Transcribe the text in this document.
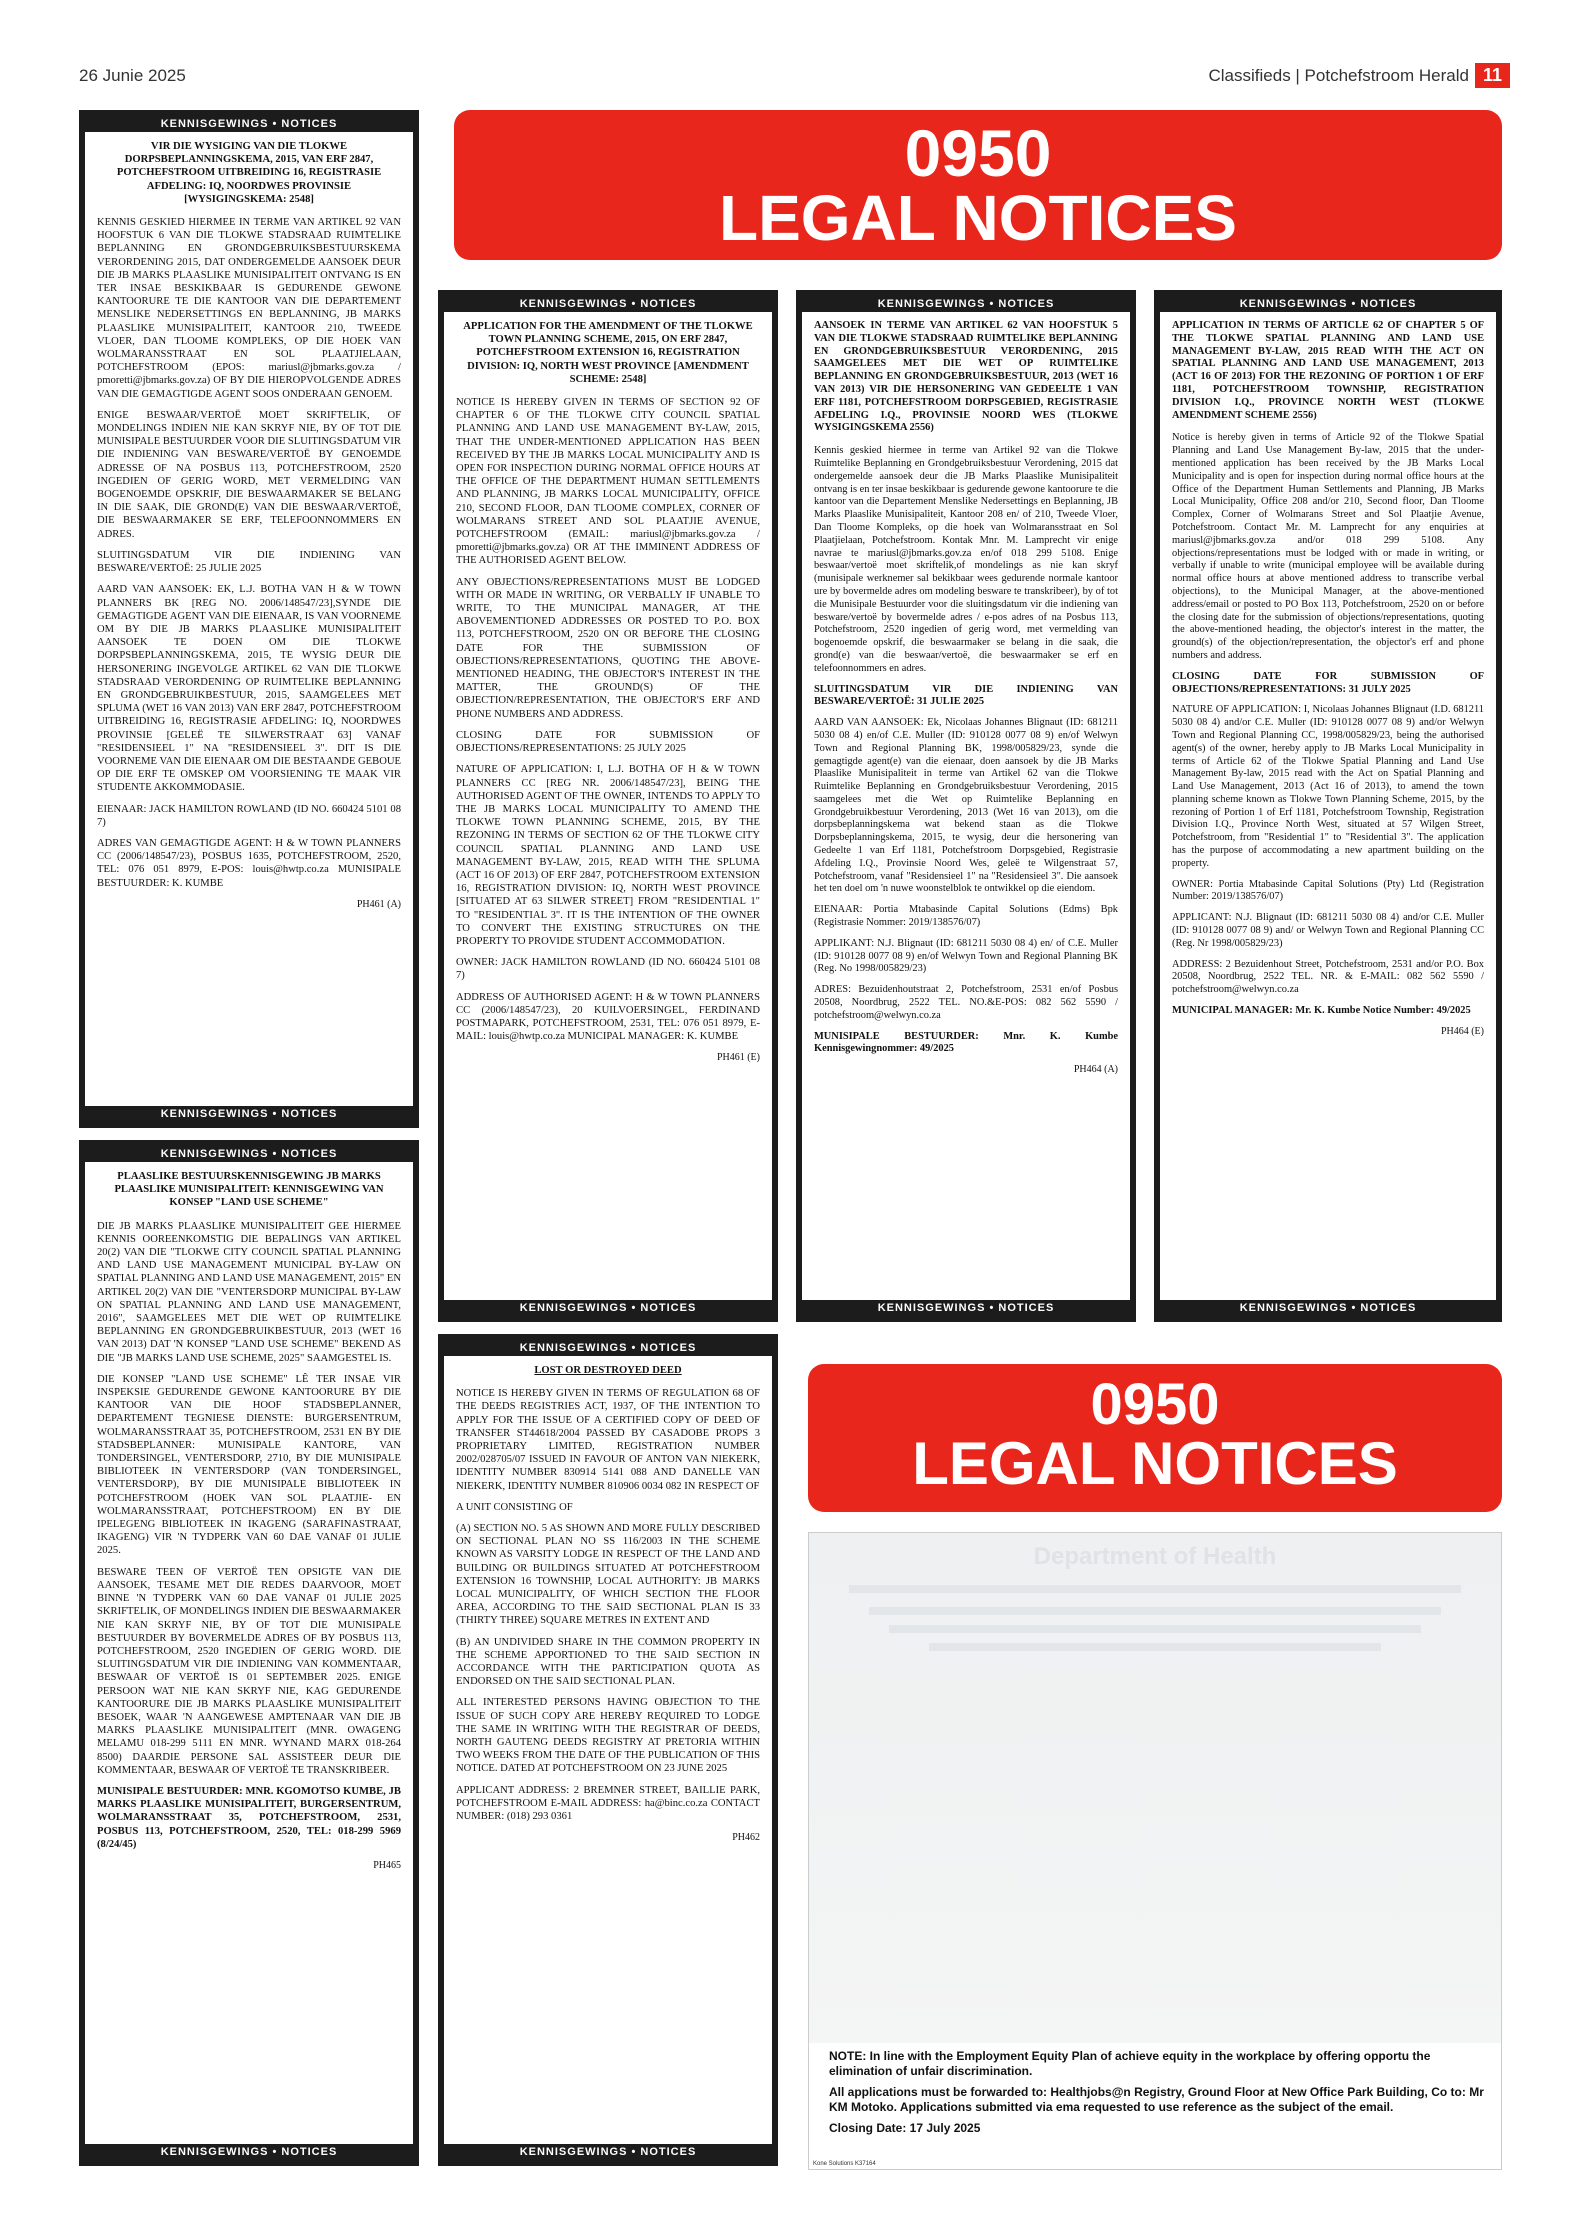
26 Junie 2025	Classifieds | Potchefstroom Herald 11
KENNISGEWINGS • NOTICES
VIR DIE WYSIGING VAN DIE TLOKWE DORPSBEPLANNINGSKEMA, 2015, VAN ERF 2847, POTCHEFSTROOM UITBREIDING 16, REGISTRASIE AFDELING: IQ, NOORDWES PROVINSIE [WYSIGINGSKEMA: 2548]

KENNIS GESKIED HIERMEE IN TERME VAN ARTIKEL 92 VAN HOOFSTUK 6 VAN DIE TLOKWE STADSRAAD RUIMTELIKE BEPLANNING EN GRONDGEBRUIKSBESTUURSKEMA VERORDENING 2015, DAT ONDERGEMELDE AANSOEK DEUR DIE JB MARKS PLAASLIKE MUNISIPALITEIT ONTVANG IS EN TER INSAE BESKIKBAAR IS GEDURENDE GEWONE KANTOORURE TE DIE KANTOOR VAN DIE DEPARTEMENT MENSLIKE NEDERSETTINGS EN BEPLANNING, JB MARKS PLAASLIKE MUNISIPALITEIT, KANTOOR 210, TWEEDE VLOER, DAN TLOOME KOMPLEKS, OP DIE HOEK VAN WOLMARANSSTRAAT EN SOL PLAATJIELAAN, POTCHEFSTROOM (EPOS: mariusl@jbmarks.gov.za / pmoretti@jbmarks.gov.za) OF BY DIE HIEROPVOLGENDE ADRES VAN DIE GEMAGTIGDE AGENT SOOS ONDERAAN GENOEM.

ENIGE BESWAAR/VERTOË MOET SKRIFTELIK, OF MONDELINGS INDIEN NIE KAN SKRYF NIE, BY OF TOT DIE MUNISIPALE BESTUURDER VOOR DIE SLUITINGSDATUM VIR DIE INDIENING VAN BESWARE/VERTOË BY GENOEMDE ADRESSE OF NA POSBUS 113, POTCHEFSTROOM, 2520 INGEDIEN OF GERIG WORD, MET VERMELDING VAN BOGENOEMDE OPSKRIF, DIE BESWAARMAKER SE BELANG IN DIE SAAK, DIE GROND(E) VAN DIE BESWAAR/VERTOË, DIE BESWAARMAKER SE ERF, TELEFOONNOMMERS EN ADRES.

SLUITINGSDATUM VIR DIE INDIENING VAN BESWARE/VERTOË: 25 JULIE 2025

AARD VAN AANSOEK: EK, L.J. BOTHA VAN H & W TOWN PLANNERS BK [REG NO. 2006/148547/23],SYNDE DIE GEMAGTIGDE AGENT VAN DIE EIENAAR, IS VAN VOORNEME OM BY DIE JB MARKS PLAASLIKE MUNISIPALITEIT AANSOEK TE DOEN OM DIE TLOKWE DORPSBEPLANNINGSKEMA, 2015, TE WYSIG DEUR DIE HERSONERING INGEVOLGE ARTIKEL 62 VAN DIE TLOKWE STADSRAAD VERORDENING OP RUIMTELIKE BEPLANNING EN GRONDGEBRUIKBESTUUR, 2015, SAAMGELEES MET SPLUMA (WET 16 VAN 2013) VAN ERF 2847, POTCHEFSTROOM UITBREIDING 16, REGISTRASIE AFDELING: IQ, NOORDWES PROVINSIE [GELEË TE SILWERSTRAAT 63] VANAF "RESIDENSIEEL 1" NA "RESIDENSIEEL 3". DIT IS DIE VOORNEME VAN DIE EIENAAR OM DIE BESTAANDE GEBOUE OP DIE ERF TE OMSKEP OM VOORSIENING TE MAAK VIR STUDENTE AKKOMMODASIE.

EIENAAR: JACK HAMILTON ROWLAND (ID NO. 660424 5101 08 7)

ADRES VAN GEMAGTIGDE AGENT: H & W TOWN PLANNERS CC (2006/148547/23), POSBUS 1635, POTCHEFSTROOM, 2520, TEL: 076 051 8979, E-POS: louis@hwtp.co.za MUNISIPALE BESTUURDER: K. KUMBE

PH461 (A)
KENNISGEWINGS • NOTICES
KENNISGEWINGS • NOTICES
PLAASLIKE BESTUURSKENNISGEWING JB MARKS PLAASLIKE MUNISIPALITEIT: KENNISGEWING VAN KONSEP "LAND USE SCHEME"

DIE JB MARKS PLAASLIKE MUNISIPALITEIT GEE HIERMEE KENNIS OOREENKOMSTIG DIE BEPALINGS VAN ARTIKEL 20(2) VAN DIE "TLOKWE CITY COUNCIL SPATIAL PLANNING AND LAND USE MANAGEMENT MUNICIPAL BY-LAW ON SPATIAL PLANNING AND LAND USE MANAGEMENT, 2015" EN ARTIKEL 20(2) VAN DIE "VENTERSDORP MUNICIPAL BY-LAW ON SPATIAL PLANNING AND LAND USE MANAGEMENT, 2016", SAAMGELEES MET DIE WET OP RUIMTELIKE BEPLANNING EN GRONDGEBRUIKBESTUUR, 2013 (WET 16 VAN 2013) DAT 'N KONSEP "LAND USE SCHEME" BEKEND AS DIE "JB MARKS LAND USE SCHEME, 2025" SAAMGESTEL IS.

DIE KONSEP "LAND USE SCHEME" LÊ TER INSAE VIR INSPEKSIE GEDURENDE GEWONE KANTOORURE BY DIE KANTOOR VAN DIE HOOF STADSBEPLANNER, DEPARTEMENT TEGNIESE DIENSTE: BURGERSENTRUM, WOLMARANSSTRAAT 35, POTCHEFSTROOM, 2531 EN BY DIE STADSBEPLANNER: MUNISIPALE KANTORE, VAN TONDERSINGEL, VENTERSDORP, 2710, BY DIE MUNISIPALE BIBLIOTEEK IN VENTERSDORP (VAN TONDERSINGEL, VENTERSDORP), BY DIE MUNISIPALE BIBLIOTEEK IN POTCHEFSTROOM (HOEK VAN SOL PLAATJIE- EN WOLMARANSSTRAAT, POTCHEFSTROOM) EN BY DIE IPELEGENG BIBLIOTEEK IN IKAGENG (SARAFINASTRAAT, IKAGENG) VIR 'N TYDPERK VAN 60 DAE VANAF 01 JULIE 2025.

BESWARE TEEN OF VERTOË TEN OPSIGTE VAN DIE AANSOEK, TESAME MET DIE REDES DAARVOOR, MOET BINNE 'N TYDPERK VAN 60 DAE VANAF 01 JULIE 2025 SKRIFTELIK, OF MONDELINGS INDIEN DIE BESWAARMAKER NIE KAN SKRYF NIE, BY OF TOT DIE MUNISIPALE BESTUURDER BY BOVERMELDE ADRES OF BY POSBUS 113, POTCHEFSTROOM, 2520 INGEDIEN OF GERIG WORD. DIE SLUITINGSDATUM VIR DIE INDIENING VAN KOMMENTAAR, BESWAAR OF VERTOË IS 01 SEPTEMBER 2025. ENIGE PERSOON WAT NIE KAN SKRYF NIE, KAG GEDURENDE KANTOORURE DIE JB MARKS PLAASLIKE MUNISIPALITEIT BESOEK, WAAR 'N AANGEWESE AMPTENAAR VAN DIE JB MARKS PLAASLIKE MUNISIPALITEIT (MNR. OWAGENG MELAMU 018-299 5111 EN MNR. WYNAND MARX 018-264 8500) DAARDIE PERSONE SAL ASSISTEER DEUR DIE KOMMENTAAR, BESWAAR OF VERTOË TE TRANSKRIBEER.

MUNISIPALE BESTUURDER: MNR. KGOMOTSO KUMBE, JB MARKS PLAASLIKE MUNISIPALITEIT, BURGERSENTRUM, WOLMARANSSTRAAT 35, POTCHEFSTROOM, 2531, POSBUS 113, POTCHEFSTROOM, 2520, TEL: 018-299 5969 (8/24/45)

PH465
KENNISGEWINGS • NOTICES
0950
LEGAL NOTICES
KENNISGEWINGS • NOTICES
APPLICATION FOR THE AMENDMENT OF THE TLOKWE TOWN PLANNING SCHEME, 2015, ON ERF 2847, POTCHEFSTROOM EXTENSION 16, REGISTRATION DIVISION: IQ, NORTH WEST PROVINCE [AMENDMENT SCHEME: 2548]

NOTICE IS HEREBY GIVEN IN TERMS OF SECTION 92 OF CHAPTER 6 OF THE TLOKWE CITY COUNCIL SPATIAL PLANNING AND LAND USE MANAGEMENT BY-LAW, 2015, THAT THE UNDER-MENTIONED APPLICATION HAS BEEN RECEIVED BY THE JB MARKS LOCAL MUNICIPALITY AND IS OPEN FOR INSPECTION DURING NORMAL OFFICE HOURS AT THE OFFICE OF THE DEPARTMENT HUMAN SETTLEMENTS AND PLANNING, JB MARKS LOCAL MUNICIPALITY, OFFICE 210, SECOND FLOOR, DAN TLOOME COMPLEX, CORNER OF WOLMARANS STREET AND SOL PLAATJIE AVENUE, POTCHEFSTROOM (EMAIL: mariusl@jbmarks.gov.za / pmoretti@jbmarks.gov.za) OR AT THE IMMINENT ADDRESS OF THE AUTHORISED AGENT BELOW.

ANY OBJECTIONS/REPRESENTATIONS MUST BE LODGED WITH OR MADE IN WRITING, OR VERBALLY IF UNABLE TO WRITE, TO THE MUNICIPAL MANAGER, AT THE ABOVEMENTIONED ADDRESSES OR POSTED TO P.O. BOX 113, POTCHEFSTROOM, 2520 ON OR BEFORE THE CLOSING DATE FOR THE SUBMISSION OF OBJECTIONS/REPRESENTATIONS, QUOTING THE ABOVE-MENTIONED HEADING, THE OBJECTOR'S INTEREST IN THE MATTER, THE GROUND(S) OF THE OBJECTION/REPRESENTATION, THE OBJECTOR'S ERF AND PHONE NUMBERS AND ADDRESS.

CLOSING DATE FOR SUBMISSION OF OBJECTIONS/REPRESENTATIONS: 25 JULY 2025

NATURE OF APPLICATION: I, L.J. BOTHA OF H & W TOWN PLANNERS CC [REG NR. 2006/148547/23], BEING THE AUTHORISED AGENT OF THE OWNER, INTENDS TO APPLY TO THE JB MARKS LOCAL MUNICIPALITY TO AMEND THE TLOKWE TOWN PLANNING SCHEME, 2015, BY THE REZONING IN TERMS OF SECTION 62 OF THE TLOKWE CITY COUNCIL SPATIAL PLANNING AND LAND USE MANAGEMENT BY-LAW, 2015, READ WITH THE SPLUMA (ACT 16 OF 2013) OF ERF 2847, POTCHEFSTROOM EXTENSION 16, REGISTRATION DIVISION: IQ, NORTH WEST PROVINCE [SITUATED AT 63 SILWER STREET] FROM "RESIDENTIAL 1" TO "RESIDENTIAL 3". IT IS THE INTENTION OF THE OWNER TO CONVERT THE EXISTING STRUCTURES ON THE PROPERTY TO PROVIDE STUDENT ACCOMMODATION.

OWNER: JACK HAMILTON ROWLAND (ID NO. 660424 5101 08 7)

ADDRESS OF AUTHORISED AGENT: H & W TOWN PLANNERS CC (2006/148547/23), 20 KUILVOERSINGEL, FERDINAND POSTMAPARK, POTCHEFSTROOM, 2531, TEL: 076 051 8979, E-MAIL: louis@hwtp.co.za MUNICIPAL MANAGER: K. KUMBE

PH461 (E)
KENNISGEWINGS • NOTICES
KENNISGEWINGS • NOTICES
LOST OR DESTROYED DEED

NOTICE IS HEREBY GIVEN IN TERMS OF REGULATION 68 OF THE DEEDS REGISTRIES ACT, 1937, OF THE INTENTION TO APPLY FOR THE ISSUE OF A CERTIFIED COPY OF DEED OF TRANSFER ST44618/2004 PASSED BY CASADOBE PROPS 3 PROPRIETARY LIMITED, REGISTRATION NUMBER 2002/028705/07 ISSUED IN FAVOUR OF ANTON VAN NIEKERK, IDENTITY NUMBER 830914 5141 088 AND DANELLE VAN NIEKERK, IDENTITY NUMBER 810906 0034 082 IN RESPECT OF

A UNIT CONSISTING OF

(A) SECTION NO. 5 AS SHOWN AND MORE FULLY DESCRIBED ON SECTIONAL PLAN NO SS 116/2003 IN THE SCHEME KNOWN AS VARSITY LODGE IN RESPECT OF THE LAND AND BUILDING OR BUILDINGS SITUATED AT POTCHEFSTROOM EXTENSION 16 TOWNSHIP, LOCAL AUTHORITY: JB MARKS LOCAL MUNICIPALITY, OF WHICH SECTION THE FLOOR AREA, ACCORDING TO THE SAID SECTIONAL PLAN IS 33 (THIRTY THREE) SQUARE METRES IN EXTENT AND

(B) AN UNDIVIDED SHARE IN THE COMMON PROPERTY IN THE SCHEME APPORTIONED TO THE SAID SECTION IN ACCORDANCE WITH THE PARTICIPATION QUOTA AS ENDORSED ON THE SAID SECTIONAL PLAN.

ALL INTERESTED PERSONS HAVING OBJECTION TO THE ISSUE OF SUCH COPY ARE HEREBY REQUIRED TO LODGE THE SAME IN WRITING WITH THE REGISTRAR OF DEEDS, NORTH GAUTENG DEEDS REGISTRY AT PRETORIA WITHIN TWO WEEKS FROM THE DATE OF THE PUBLICATION OF THIS NOTICE. DATED AT POTCHEFSTROOM ON 23 JUNE 2025

APPLICANT ADDRESS: 2 BREMNER STREET, BAILLIE PARK, POTCHEFSTROOM E-MAIL ADDRESS: ha@binc.co.za CONTACT NUMBER: (018) 293 0361

PH462
KENNISGEWINGS • NOTICES
KENNISGEWINGS • NOTICES
AANSOEK IN TERME VAN ARTIKEL 62 VAN HOOFSTUK 5 VAN DIE TLOKWE STADSRAAD RUIMTELIKE BEPLANNING EN GRONDGEBRUIKSBESTUUR VERORDENING, 2015 SAAMGELEES MET DIE WET OP RUIMTELIKE BEPLANNING EN GRONDGEBRUIKSBESTUUR, 2013 (WET 16 VAN 2013) VIR DIE HERSONERING VAN GEDEELTE 1 VAN ERF 1181, POTCHEFSTROOM DORPSGEBIED, REGISTRASIE AFDELING I.Q., PROVINSIE NOORD WES (TLOKWE WYSIGINGSKEMA 2556)

Kennis geskied hiermee in terme van Artikel 92 van die Tlokwe Ruimtelike Beplanning en Grondgebruiksbestuur Verordening, 2015 dat ondergemelde aansoek deur die JB Marks Plaaslike Munisipaliteit ontvang is en ter insae beskikbaar is gedurende gewone kantoorure te die kantoor van die Departement Menslike Nedersettings en Beplanning, JB Marks Plaaslike Munisipaliteit, Kantoor 208 en/ of 210, Tweede Vloer, Dan Tloome Kompleks, op die hoek van Wolmaransstraat en Sol Plaatjielaan, Potchefstroom. Kontak Mnr. M. Lamprecht vir enige navrae te mariusl@jbmarks.gov.za en/of 018 299 5108. Enige beswaar/vertoë moet skriftelik,of mondelings as nie kan skryf (munisipale werknemer sal bekikbaar wees gedurende normale kantoor ure by bovermelde adres om modeling besware te transkribeer), by of tot die Munisipale Bestuurder voor die sluitingsdatum vir die indiening van besware/vertoë by bovermelde adres / e-pos adres of na Posbus 113, Potchefstroom, 2520 ingedien of gerig word, met vermelding van bogenoemde opskrif, die beswaarmaker se belang in die saak, die grond(e) van die beswaar/vertoë, die beswaarmaker se erf en telefoonnommers en adres.

SLUITINGSDATUM VIR DIE INDIENING VAN BESWARE/VERTOË: 31 JULIE 2025

AARD VAN AANSOEK: Ek, Nicolaas Johannes Blignaut (ID: 681211 5030 08 4) en/of C.E. Muller (ID: 910128 0077 08 9) en/of Welwyn Town and Regional Planning BK, 1998/005829/23, synde die gemagtigde agent(e) van die eienaar, doen aansoek by die JB Marks Plaaslike Munisipaliteit in terme van Artikel 62 van die Tlokwe Ruimtelike Beplanning en Grondgebruiksbestuur Verordening, 2015 saamgelees met die Wet op Ruimtelike Beplanning en Grondgebruikbestuur Verordening, 2013 (Wet 16 van 2013), om die dorpsbeplanningskema wat bekend staan as die Tlokwe Dorpsbeplanningskema, 2015, te wysig, deur die hersonering van Gedeelte 1 van Erf 1181, Potchefstroom Dorpsgebied, Registrasie Afdeling I.Q., Provinsie Noord Wes, geleë te Wilgenstraat 57, Potchefstroom, vanaf "Residensieel 1" na "Residensieel 3". Die aansoek het ten doel om 'n nuwe woonstelblok te ontwikkel op die eiendom.

EIENAAR: Portia Mtabasinde Capital Solutions (Edms) Bpk (Registrasie Nommer: 2019/138576/07)

APPLIKANT: N.J. Blignaut (ID: 681211 5030 08 4) en/ of C.E. Muller (ID: 910128 0077 08 9) en/of Welwyn Town and Regional Planning BK (Reg. No 1998/005829/23)

ADRES: Bezuidenhoutstraat 2, Potchefstroom, 2531 en/of Posbus 20508, Noordbrug, 2522 TEL. NO.&E-POS: 082 562 5590 / potchefstroom@welwyn.co.za

MUNISIPALE BESTUURDER: Mnr. K. Kumbe Kennisgewingnommer: 49/2025

PH464 (A)
KENNISGEWINGS • NOTICES
KENNISGEWINGS • NOTICES
APPLICATION IN TERMS OF ARTICLE 62 OF CHAPTER 5 OF THE TLOKWE SPATIAL PLANNING AND LAND USE MANAGEMENT BY-LAW, 2015 READ WITH THE ACT ON SPATIAL PLANNING AND LAND USE MANAGEMENT, 2013 (ACT 16 OF 2013) FOR THE REZONING OF PORTION 1 OF ERF 1181, POTCHEFSTROOM TOWNSHIP, REGISTRATION DIVISION I.Q., PROVINCE NORTH WEST (TLOKWE AMENDMENT SCHEME 2556)

Notice is hereby given in terms of Article 92 of the Tlokwe Spatial Planning and Land Use Management By-law, 2015 that the under-mentioned application has been received by the JB Marks Local Municipality and is open for inspection during normal office hours at the Office of the Department Human Settlements and Planning, JB Marks Local Municipality, Office 208 and/or 210, Second floor, Dan Tloome Complex, Corner of Wolmarans Street and Sol Plaatjie Avenue, Potchefstroom. Contact Mr. M. Lamprecht for any enquiries at mariusl@jbmarks.gov.za and/or 018 299 5108. Any objections/representations must be lodged with or made in writing, or verbally if unable to write (municipal employee will be available during normal office hours at above mentioned address to transcribe verbal objections), to the Municipal Manager, at the above-mentioned address/email or posted to PO Box 113, Potchefstroom, 2520 on or before the closing date for the submission of objections/representations, quoting the above-mentioned heading, the objector's interest in the matter, the ground(s) of the objection/representation, the objector's erf and phone numbers and address.

CLOSING DATE FOR SUBMISSION OF OBJECTIONS/REPRESENTATIONS: 31 JULY 2025

NATURE OF APPLICATION: I, Nicolaas Johannes Blignaut (I.D. 681211 5030 08 4) and/or C.E. Muller (ID: 910128 0077 08 9) and/or Welwyn Town and Regional Planning CC, 1998/005829/23, being the authorised agent(s) of the owner, hereby apply to JB Marks Local Municipality in terms of Article 62 of the Tlokwe Spatial Planning and Land Use Management By-law, 2015 read with the Act on Spatial Planning and Land Use Management, 2013 (Act 16 of 2013), to amend the town planning scheme known as Tlokwe Town Planning Scheme, 2015, by the rezoning of Portion 1 of Erf 1181, Potchefstroom Township, Registration Division I.Q., Province North West, situated at 57 Wilgen Street, Potchefstroom, from "Residential 1" to "Residential 3". The application has the purpose of accommodating a new apartment building on the property.

OWNER: Portia Mtabasinde Capital Solutions (Pty) Ltd (Registration Number: 2019/138576/07)

APPLICANT: N.J. Blignaut (ID: 681211 5030 08 4) and/or C.E. Muller (ID: 910128 0077 08 9) and/ or Welwyn Town and Regional Planning CC (Reg. Nr 1998/005829/23)

ADDRESS: 2 Bezuidenhout Street, Potchefstroom, 2531 and/or P.O. Box 20508, Noordbrug, 2522 TEL. NR. & E-MAIL: 082 562 5590 / potchefstroom@welwyn.co.za

MUNICIPAL MANAGER: Mr. K. Kumbe Notice Number: 49/2025

PH464 (E)
KENNISGEWINGS • NOTICES
0950
LEGAL NOTICES
Department of Health

NOTE: In line with the Employment Equity Plan of achieve equity in the workplace by offering opportu the elimination of unfair discrimination.

All applications must be forwarded to: Healthjobs@n Registry, Ground Floor at New Office Park Building, Co to: Mr KM Motoko. Applications submitted via ema requested to use reference as the subject of the email.

Closing Date: 17 July 2025

Kone Solutions K37164
